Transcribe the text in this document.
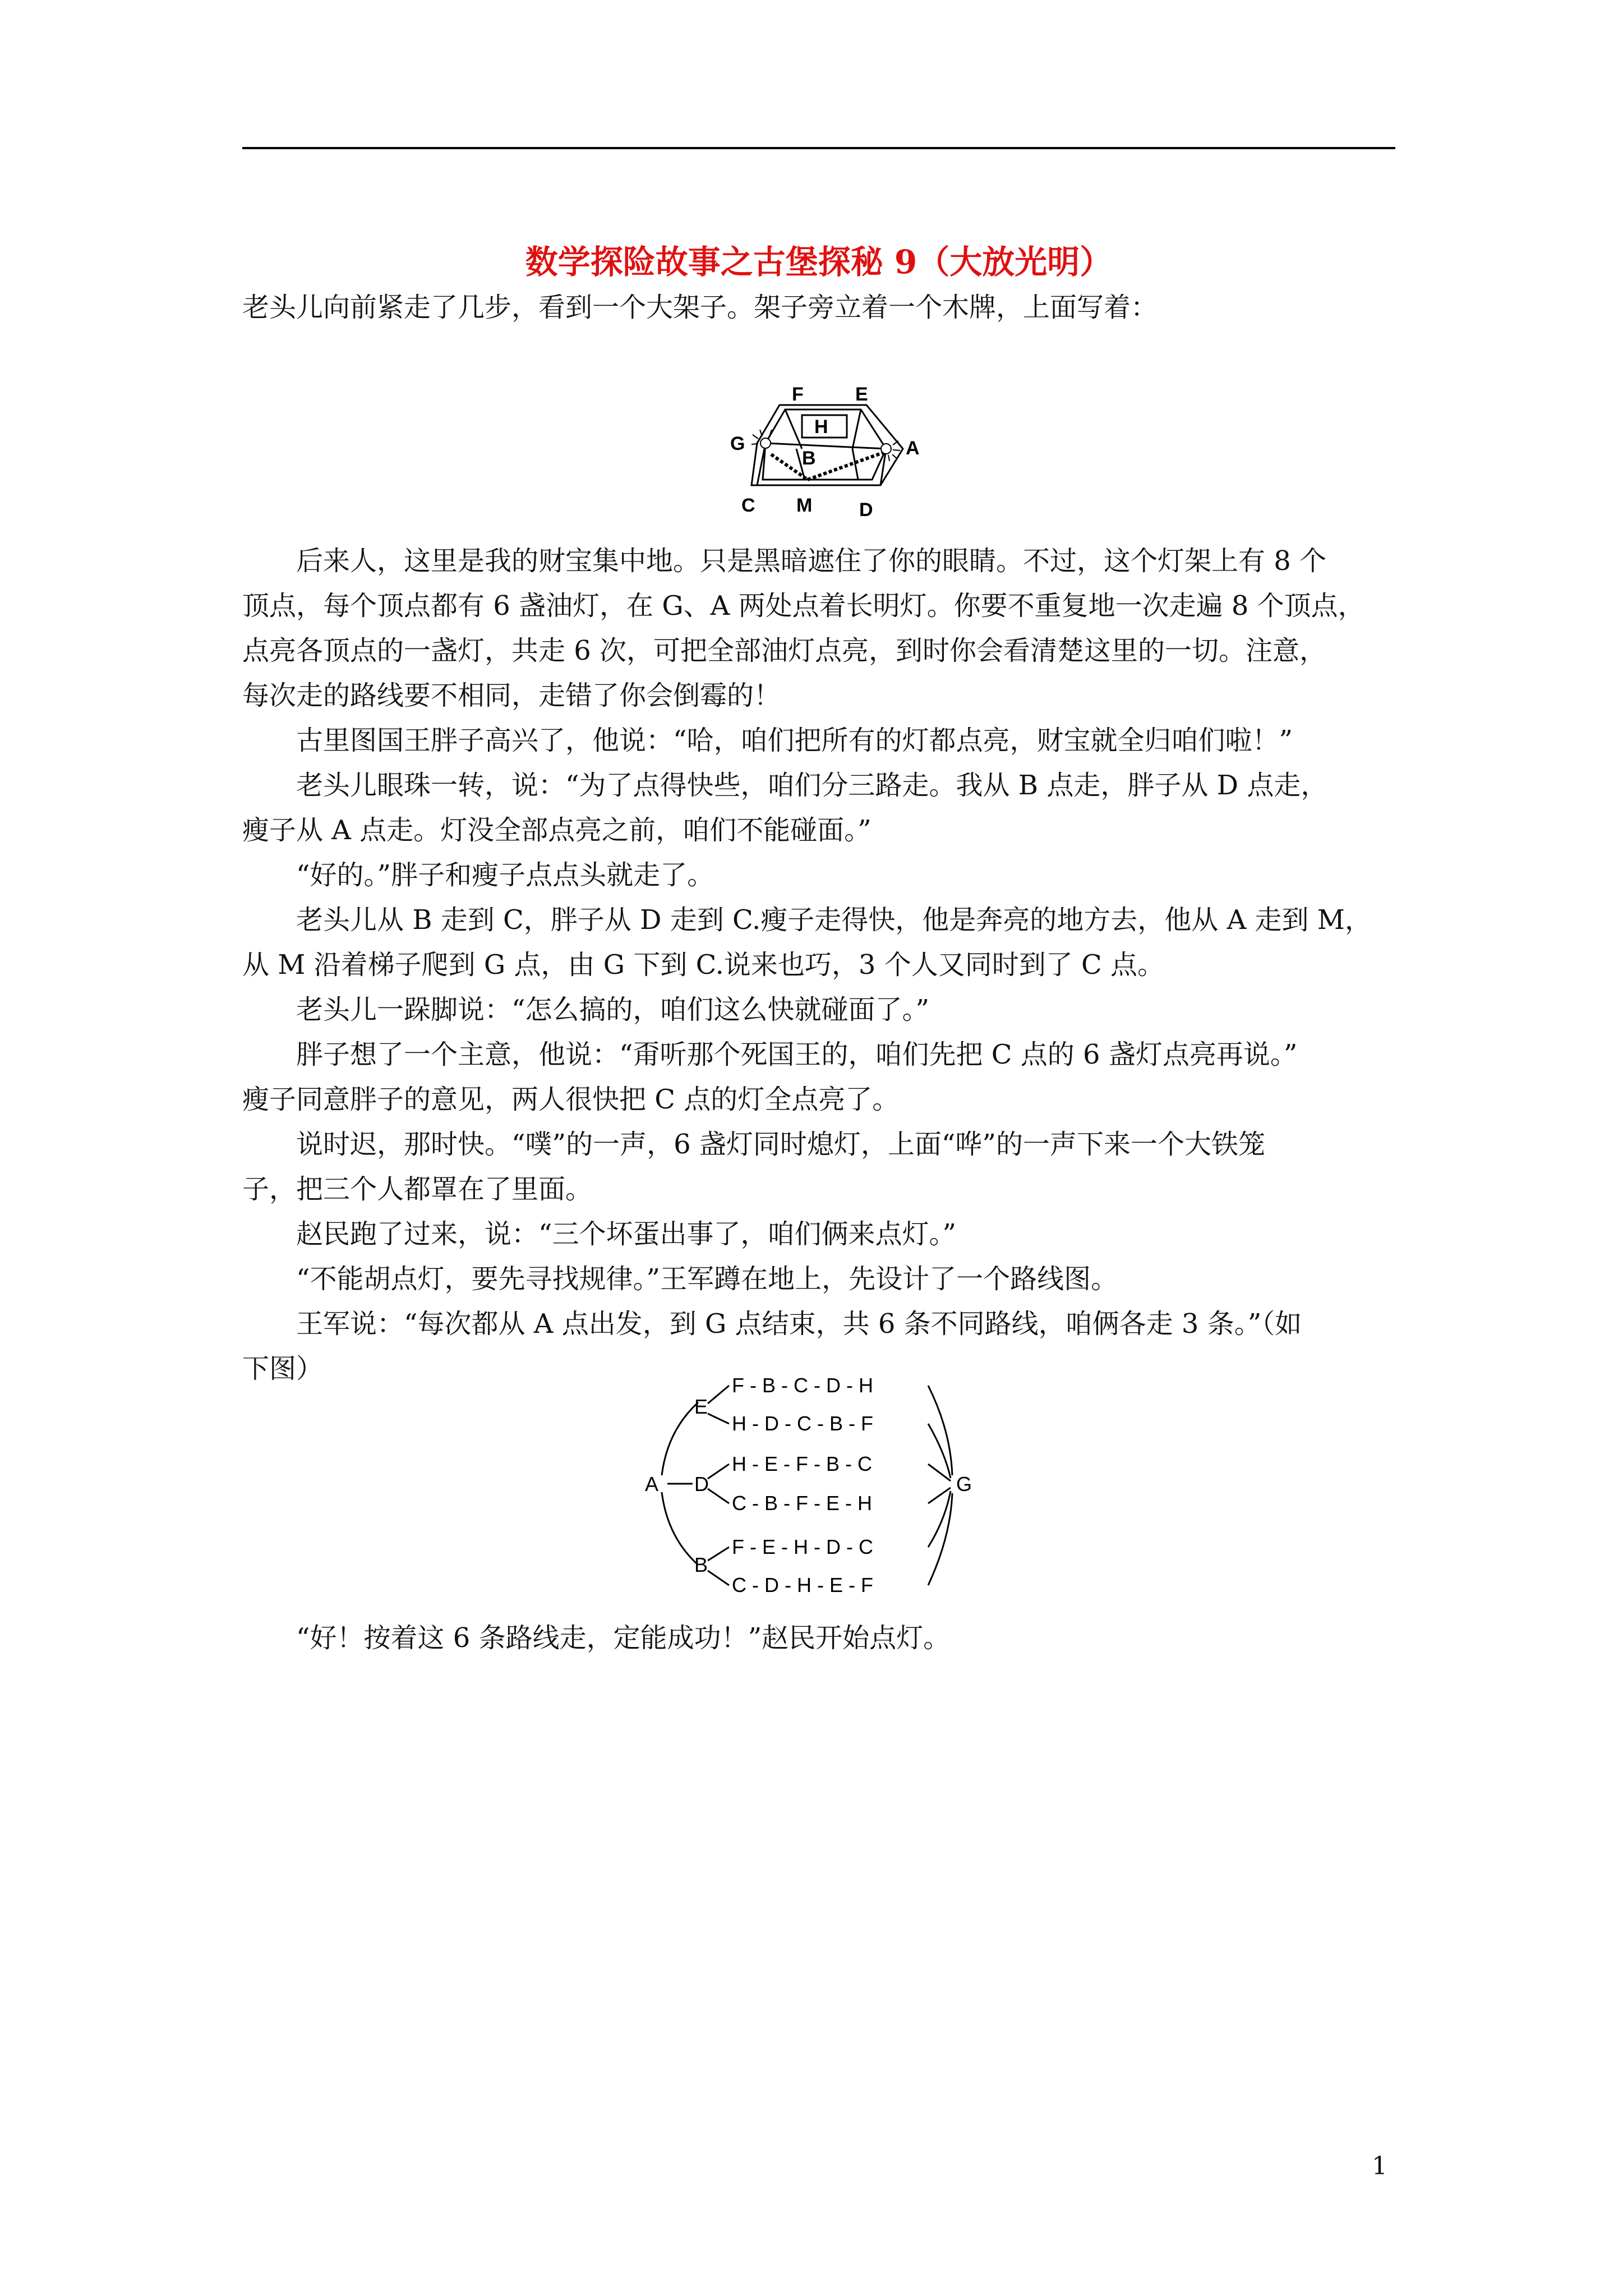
数学探险故事之古堡探秘 9（大放光明）

老头儿向前紧走了几步，看到一个大架子。架子旁立着一个木牌，上面写着：

F	E
H
G	A
B
C M D

后来人，这里是我的财宝集中地。只是黑暗遮住了你的眼睛。不过，这个灯架上有 8 个

顶点，每个顶点都有 6 盏油灯，在 G、A 两处点着长明灯。你要不重复地一次走遍 8 个顶点，

点亮各顶点的一盏灯，共走 6 次，可把全部油灯点亮，到时你会看清楚这里的一切。注意，

每次走的路线要不相同，走错了你会倒霉的！

古里图国王胖子高兴了，他说：“哈，咱们把所有的灯都点亮，财宝就全归咱们啦！”

老头儿眼珠一转，说：“为了点得快些，咱们分三路走。我从 B 点走，胖子从 D 点走，

瘦子从 A 点走。灯没全部点亮之前，咱们不能碰面。”

“好的。”胖子和瘦子点点头就走了。

老头儿从 B 走到 C，胖子从 D 走到 C.瘦子走得快，他是奔亮的地方去，他从 A 走到 M，

从 M 沿着梯子爬到 G 点，由 G 下到 C.说来也巧，3 个人又同时到了 C 点。

老头儿一跺脚说：“怎么搞的，咱们这么快就碰面了。”

胖子想了一个主意，他说：“甭听那个死国王的，咱们先把 C 点的 6 盏灯点亮再说。”

瘦子同意胖子的意见，两人很快把 C 点的灯全点亮了。

说时迟，那时快。“噗”的一声，6 盏灯同时熄灯，上面“哗”的一声下来一个大铁笼

子，把三个人都罩在了里面。

赵民跑了过来，说：“三个坏蛋出事了，咱们俩来点灯。”

“不能胡点灯，要先寻找规律。”王军蹲在地上，先设计了一个路线图。

王军说：“每次都从 A 点出发，到 G 点结束，共 6 条不同路线，咱俩各走 3 条。”（如

下图）

A	G
E
D
B
F - B - C - D - H
H - D - C - B - F
H - E - F - B - C
C - B - F - E - H
F - E - H - D - C
C - D - H - E - F

“好！按着这 6 条路线走，定能成功！”赵民开始点灯。

1
